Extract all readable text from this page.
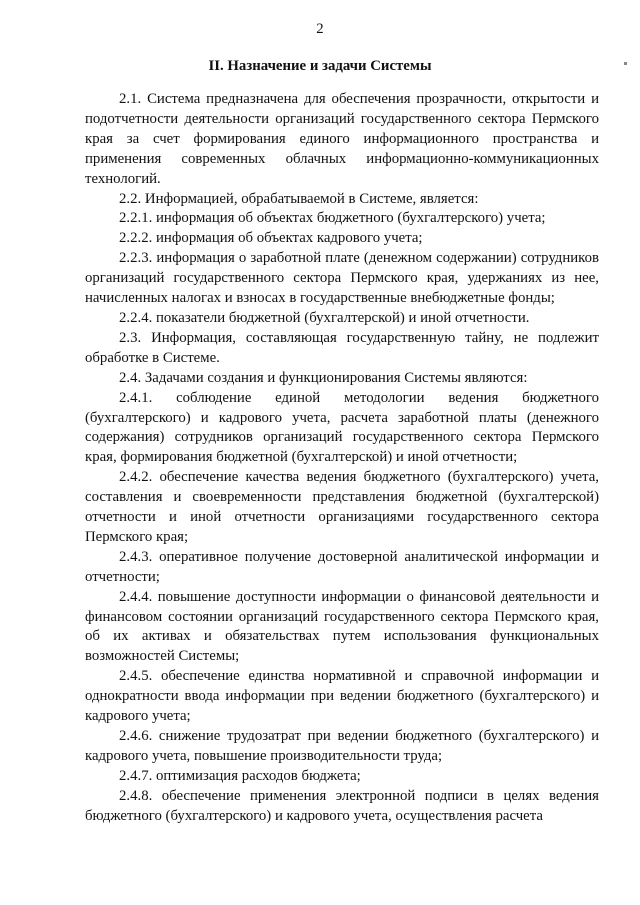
2
II. Назначение и задачи Системы

2.1. Система предназначена для обеспечения прозрачности, открытости и подотчетности деятельности организаций государственного сектора Пермского края за счет формирования единого информационного пространства и применения современных облачных информационно-коммуникационных технологий.

2.2. Информацией, обрабатываемой в Системе, является:

2.2.1. информация об объектах бюджетного (бухгалтерского) учета;

2.2.2. информация об объектах кадрового учета;

2.2.3. информация о заработной плате (денежном содержании) сотрудников организаций государственного сектора Пермского края, удержаниях из нее, начисленных налогах и взносах в государственные внебюджетные фонды;

2.2.4. показатели бюджетной (бухгалтерской) и иной отчетности.

2.3. Информация, составляющая государственную тайну, не подлежит обработке в Системе.

2.4. Задачами создания и функционирования Системы являются:

2.4.1. соблюдение единой методологии ведения бюджетного (бухгалтерского) и кадрового учета, расчета заработной платы (денежного содержания) сотрудников организаций государственного сектора Пермского края, формирования бюджетной (бухгалтерской) и иной отчетности;

2.4.2. обеспечение качества ведения бюджетного (бухгалтерского) учета, составления и своевременности представления бюджетной (бухгалтерской) отчетности и иной отчетности организациями государственного сектора Пермского края;

2.4.3. оперативное получение достоверной аналитической информации и отчетности;

2.4.4. повышение доступности информации о финансовой деятельности и финансовом состоянии организаций государственного сектора Пермского края, об их активах и обязательствах путем использования функциональных возможностей Системы;

2.4.5. обеспечение единства нормативной и справочной информации и однократности ввода информации при ведении бюджетного (бухгалтерского) и кадрового учета;

2.4.6. снижение трудозатрат при ведении бюджетного (бухгалтерского) и кадрового учета, повышение производительности труда;

2.4.7. оптимизация расходов бюджета;

2.4.8. обеспечение применения электронной подписи в целях ведения бюджетного (бухгалтерского) и кадрового учета, осуществления расчета
